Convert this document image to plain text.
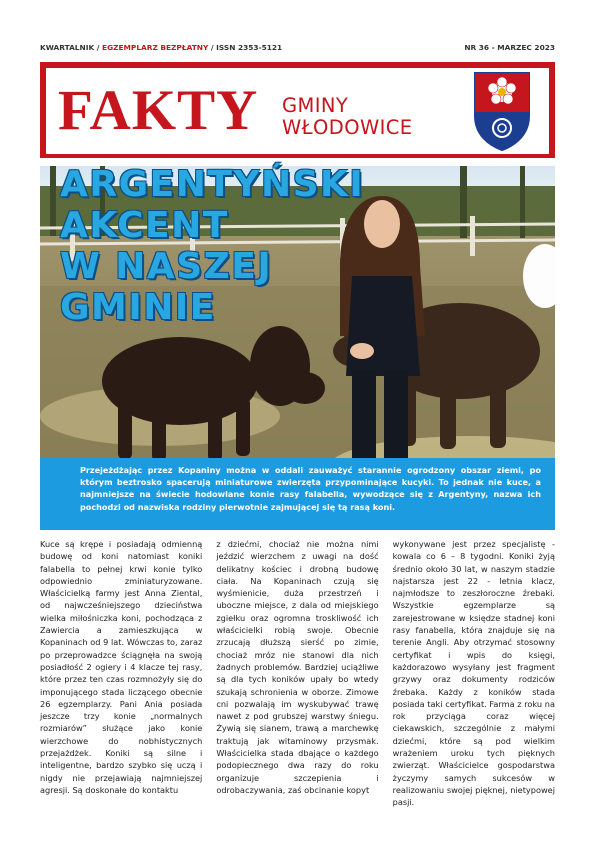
KWARTALNIK / EGZEMPLARZ BEZPŁATNY / ISSN 2353-5121	NR 36 - MARZEC 2023
FAKTY GMINY
WŁODOWICE
ARGENTYŃSKI
AKCENT
W NASZEJ
GMINIE

Przejeżdżając przez Kopaniny można w oddali zauważyć starannie ogrodzony obszar ziemi, po którym beztrosko spacerują miniaturowe zwierzęta przypominające kucyki. To jednak nie kuce, a najmniejsze na świecie hodowlane konie rasy falabella, wywodzące się z Argentyny, nazwa ich pochodzi od nazwiska rodziny pierwotnie zajmującej się tą rasą koni.

Kuce są krępe i posiadają odmienną budowę od koni natomiast koniki falabella to pełnej krwi konie tylko odpowiednio zminiaturyzowane. Właścicielką farmy jest Anna Ziental, od najwcześniejszego dzieciństwa wielka miłośniczka koni, pochodząca z Zawiercia a zamieszkująca w Kopaninach od 9 lat. Wówczas to, zaraz po przeprowadzce ściągnęła na swoją posiadłość 2 ogiery i 4 klacze tej rasy, które przez ten czas rozmnożyły się do imponującego stada liczącego obecnie 26 egzemplarzy. Pani Ania posiada jeszcze trzy konie „normalnych rozmiarów” służące jako konie wierzchowe do nobhistycznych przejażdżek. Koniki są silne i inteligentne, bardzo szybko się uczą i nigdy nie przejawiają najmniejszej agresji. Są doskonałe do kontaktu
z dziećmi, chociaż nie można nimi jeździć wierzchem z uwagi na dość delikatny kościec i drobną budowę ciała. Na Kopaninach czują się wyśmienicie, duża przestrzeń i uboczne miejsce, z dala od miejskiego zgiełku oraz ogromna troskliwość ich właścicielki robią swoje. Obecnie zrzucają dłuższą sierść po zimie, chociaż mróz nie stanowi dla nich żadnych problemów. Bardziej uciążliwe są dla tych koników upały bo wtedy szukają schronienia w oborze. Zimowe cni pozwalają im wyskubywać trawę nawet z pod grubszej warstwy śniegu. Żywią się sianem, trawą a marchewkę traktują jak witaminowy przysmak. Właścicielka stada dbające o każdego podopiecznego dwa razy do roku organizuje szczepienia i odrobaczywania, zaś obcinanie kopyt
wykonywane jest przez specjalistę - kowala co 6 – 8 tygodni. Koniki żyją średnio około 30 lat, w naszym stadzie najstarsza jest 22 - letnia klacz, najmłodsze to zeszłoroczne źrebaki. Wszystkie egzemplarze są zarejestrowane w księdze stadnej koni rasy fanabella, która znajduje się na terenie Angli. Aby otrzymać stosowny certyfikat i wpis do księgi, każdorazowo wysyłany jest fragment grzywy oraz dokumenty rodziców źrebaka. Każdy z koników stada posiada taki certyfikat. Farma z roku na rok przyciąga coraz więcej ciekawskich, szczególnie z małymi dziećmi, które są pod wielkim wrażeniem uroku tych pięknych zwierząt. Właścicielce gospodarstwa życzymy samych sukcesów w realizowaniu swojej pięknej, nietypowej pasji.
